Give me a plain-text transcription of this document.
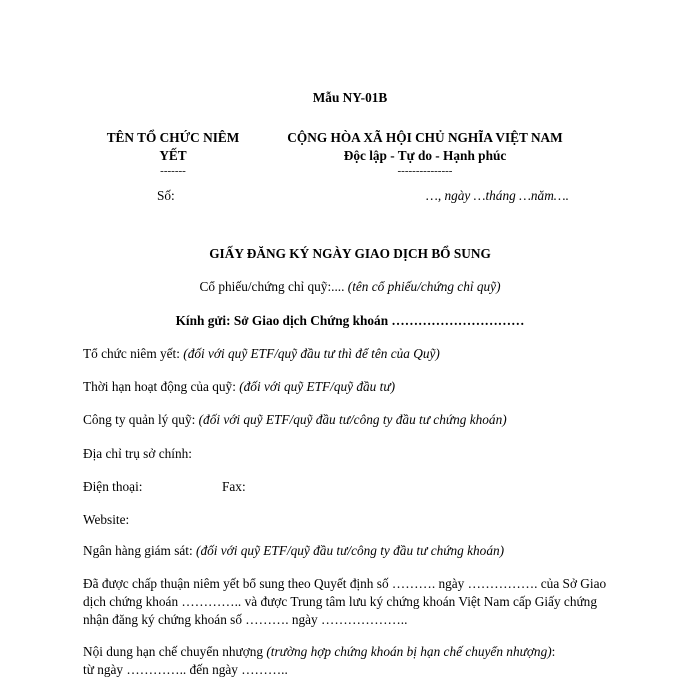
Mẫu NY-01B
TÊN TỔ CHỨC NIÊM
YẾT
-------
Số:
CỘNG HÒA XÃ HỘI CHỦ NGHĨA VIỆT NAM
Độc lập - Tự do - Hạnh phúc
---------------
…, ngày …tháng …năm….
GIẤY ĐĂNG KÝ NGÀY GIAO DỊCH BỔ SUNG
Cổ phiếu/chứng chỉ quỹ:.... (tên cổ phiếu/chứng chỉ quỹ)
Kính gửi: Sở Giao dịch Chứng khoán …………………………
Tổ chức niêm yết: (đối với quỹ ETF/quỹ đầu tư thì để tên của Quỹ)
Thời hạn hoạt động của quỹ: (đối với quỹ ETF/quỹ đầu tư)
Công ty quản lý quỹ: (đối với quỹ ETF/quỹ đầu tư/công ty đầu tư chứng khoán)
Địa chỉ trụ sở chính:
Điện thoại:	Fax:
Website:
Ngân hàng giám sát: (đối với quỹ ETF/quỹ đầu tư/công ty đầu tư chứng khoán)
Đã được chấp thuận niêm yết bổ sung theo Quyết định số ………. ngày ……………. của Sở Giao dịch chứng khoán ………….. và được Trung tâm lưu ký chứng khoán Việt Nam cấp Giấy chứng nhận đăng ký chứng khoán số ………. ngày ………………..
Nội dung hạn chế chuyển nhượng (trường hợp chứng khoán bị hạn chế chuyển nhượng):
từ ngày ………….. đến ngày ………..
